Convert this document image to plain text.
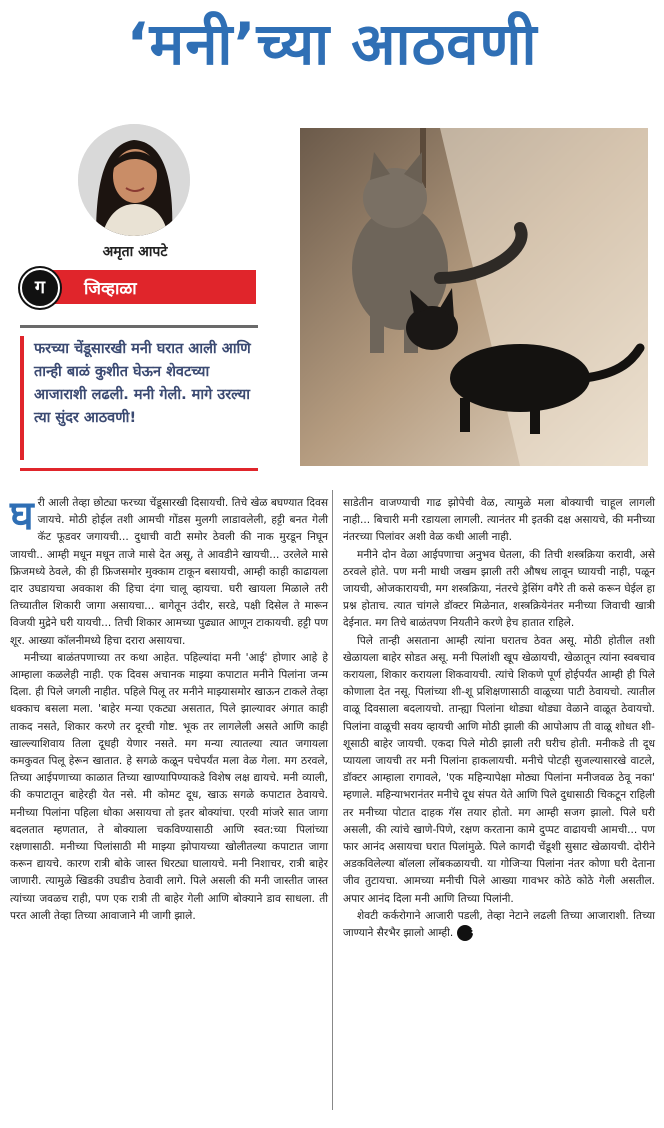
‘मनी’च्या आठवणी
अमृता आपटे
ग	जिव्हाळा
फरच्या चेंडूसारखी मनी घरात आली आणि तान्ही बाळं कुशीत घेऊन शेवटच्या आजाराशी लढली. मनी गेली. मागे उरल्या त्या सुंदर आठवणी!
घ री आली तेव्हा छोट्या फरच्या चेंडूसारखी दिसायची. तिचे खेळ बघण्यात दिवस जायचे. मोठी होईल तशी आमची गोंडस मुलगी लाडावलेली, हट्टी बनत गेली कॅट फूडवर जगायची... दुधाची वाटी समोर ठेवली की नाक मुरडून निघून जायची.. आम्ही मधून मधून ताजे मासे देत असू, ते आवडीने खायची... उरलेले मासे फ्रिजमध्ये ठेवले, की ही फ्रिजसमोर मुक्काम टाकून बसायची, आम्ही काही काढायला दार उघडायचा अवकाश की हिचा दंगा चालू व्हायचा. घरी खायला मिळाले तरी तिच्यातील शिकारी जागा असायचा... बागेतून उंदीर, सरडे, पक्षी दिसेल ते मारून विजयी मुद्रेने घरी यायची... तिची शिकार आमच्या पुढ्यात आणून टाकायची. हट्टी पण शूर. आख्या कॉलनीमध्ये हिचा दरारा असायचा.

मनीच्या बाळंतपणाच्या तर कथा आहेत. पहिल्यांदा मनी 'आई' होणार आहे हे आम्हाला कळलेही नाही. एक दिवस अचानक माझ्या कपाटात मनीने पिलांना जन्म दिला. ही पिले जगली नाहीत. पहिले पिलू तर मनीने माझ्यासमोर खाऊन टाकले तेव्हा धक्काच बसला मला. 'बाहेर मन्या एकट्या असतात, पिले झाल्यावर अंगात काही ताकद नसते, शिकार करणे तर दूरची गोष्ट. भूक तर लागलेली असते आणि काही खाल्ल्याशिवाय तिला दूधही येणार नसते. मग मन्या त्यातल्या त्यात जगायला कमकुवत पिलू हेरून खातात. हे सगळे कळून पचेपर्यंत मला वेळ गेला. मग ठरवले, तिच्या आईपणाच्या काळात तिच्या खाण्यापिण्याकडे विशेष लक्ष द्यायचे. मनी व्याली, की कपाटातून बाहेरही येत नसे. मी कोमट दूध, खाऊ सगळे कपाटात ठेवायचे. मनीच्या पिलांना पहिला धोका असायचा तो इतर बोक्यांचा. एरवी मांजरे सात जागा बदलतात म्हणतात, ते बोक्याला चकविण्यासाठी आणि स्वत:च्या पिलांच्या रक्षणासाठी. मनीच्या पिलांसाठी मी माझ्या झोपायच्या खोलीतल्या कपाटात जागा करून द्यायचे. कारण रात्री बोके जास्त धिरट्या घालायचे. मनी निशाचर, रात्री बाहेर जाणारी. त्यामुळे खिडकी उघडीच ठेवावी लागे. पिले असली की मनी जास्तीत जास्त त्यांच्या जवळच राही, पण एक रात्री ती बाहेर गेली आणि बोक्याने डाव साधला. ती परत आली तेव्हा तिच्या आवाजाने मी जागी झाले.

साडेतीन वाजण्याची गाढ झोपेची वेळ, त्यामुळे मला बोक्याची चाहूल लागली नाही... बिचारी मनी रडायला लागली. त्यानंतर मी इतकी दक्ष असायचे, की मनीच्या नंतरच्या पिलांवर अशी वेळ कधी आली नाही.

मनीने दोन वेळा आईपणाचा अनुभव घेतला, की तिची शस्त्रक्रिया करावी, असे ठरवले होते. पण मनी माधी जखम झाली तरी औषध लावून घ्यायची नाही, पळून जायची, ओजकारायची, मग शस्त्रक्रिया, नंतरचे ड्रेसिंग वगैरे ती कसे करून घेईल हा प्रश्न होताच. त्यात चांगले डॉक्टर मिळेनात, शस्त्रक्रियेनंतर मनीच्या जिवाची खात्री देईनात. मग तिचे बाळंतपण नियतीने करणे हेच हातात राहिले.

पिले तान्ही असताना आम्ही त्यांना घरातच ठेवत असू. मोठी होतील तशी खेळायला बाहेर सोडत असू. मनी पिलांशी खूप खेळायची, खेळातून त्यांना स्वबचाव करायला, शिकार करायला शिकवायची. त्यांचे शिकणे पूर्ण होईपर्यंत आम्ही ही पिले कोणाला देत नसू. पिलांच्या शी-शू प्रशिक्षणासाठी वाळूच्या पाटी ठेवायचो. त्यातील वाळू दिवसाला बदलायचो. तान्ह्या पिलांना थोड्या थोड्या वेळाने वाळूत ठेवायचो. पिलांना वाळूची सवय व्हायची आणि मोठी झाली की आपोआप ती वाळू शोधत शी-शूसाठी बाहेर जायची. एकदा पिले मोठी झाली तरी घरीच होती. मनीकडे ती दूध प्यायला जायची तर मनी पिलांना हाकलायची. मनीचे पोटही सुजल्यासारखे वाटले, डॉक्टर आम्हाला रागावले, 'एक महिन्यापेक्षा मोठ्या पिलांना मनीजवळ ठेवू नका' म्हणाले. महिन्याभरानंतर मनीचे दूध संपत येते आणि पिले दुधासाठी चिकटून राहिली तर मनीच्या पोटात दाहक गॅस तयार होतो. मग आम्ही सजग झालो. पिले घरी असली, की त्यांचे खाणे-पिणे, रक्षण करताना कामे दुप्पट वाढायची आमची... पण फार आनंद असायचा घरात पिलांमुळे. पिले कागदी चेंडूशी सुसाट खेळायची. दोरीने अडकविलेल्या बॉलला लोंबकळायची. या गोजिऱ्या पिलांना नंतर कोणा घरी देताना जीव तुटायचा. आमच्या मनीची पिले आख्या गावभर कोठे कोठे गेली असतील. अपार आनंद दिला मनी आणि तिच्या पिलांनी.

शेवटी कर्करोगाने आजारी पडली, तेव्हा नेटाने लढली तिच्या आजाराशी. तिच्या जाण्याने सैरभैर झालो आम्ही. ग
